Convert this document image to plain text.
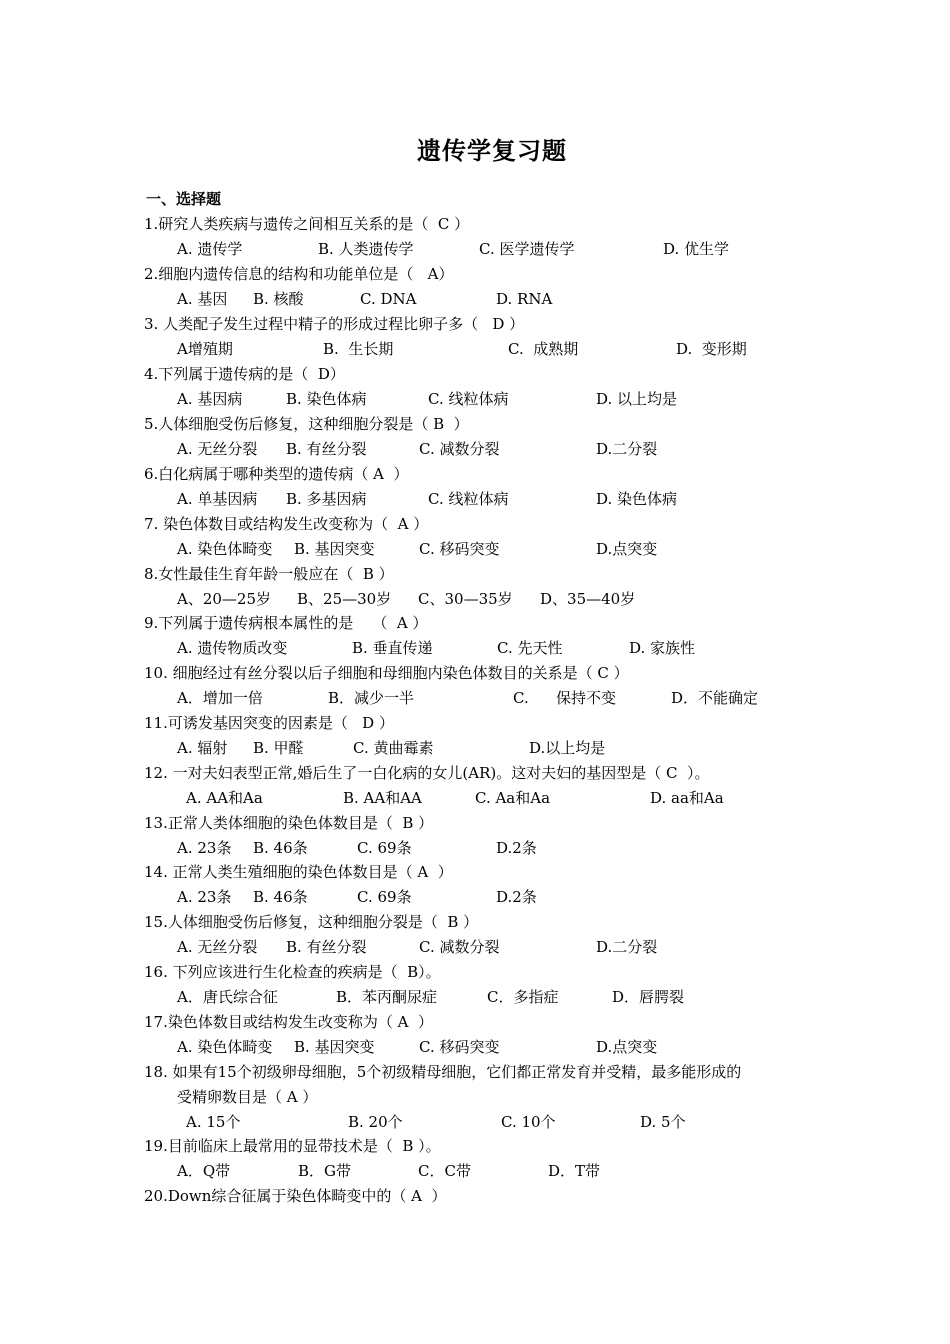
遗传学复习题
一、选择题
1.研究人类疾病与遗传之间相互关系的是（  C ）

A. 遗传学

	B. 人类遗传学

	C. 医学遗传学

	D. 优生学

2.细胞内遗传信息的结构和功能单位是（   A）

A. 基因

B. 核酸

	C. DNA

	D. RNA

3. 人类配子发生过程中精子的形成过程比卵子多（   D ）

A增殖期

	B.  生长期

	C.  成熟期

	D.  变形期

4.下列属于遗传病的是（  D）

A. 基因病

	B. 染色体病

	C. 线粒体病

	D. 以上均是

5.人体细胞受伤后修复，这种细胞分裂是（ B  ）

A. 无丝分裂

B. 有丝分裂

	C. 减数分裂

	D.二分裂

6.白化病属于哪种类型的遗传病（ A  ）

A. 单基因病

B. 多基因病

	C. 线粒体病

	D. 染色体病

7. 染色体数目或结构发生改变称为（  A ）

A. 染色体畸变

B. 基因突变

	C. 移码突变

	D.点突变

8.女性最佳生育年龄一般应在（  B ）

A、20—25岁

B、25—30岁

C、30—35岁

D、35—40岁

9.下列属于遗传病根本属性的是    （  A ）

A. 遗传物质改变

	B. 垂直传递

	C. 先天性

	D. 家族性

10. 细胞经过有丝分裂以后子细胞和母细胞内染色体数目的关系是（ C ）

A．增加一倍

	B．减少一半

	C.

保持不变

	D．不能确定

11.可诱发基因突变的因素是（   D ）

A. 辐射

B. 甲醛

	C. 黄曲霉素

	D.以上均是

12. 一对夫妇表型正常,婚后生了一白化病的女儿(AR)。这对夫妇的基因型是（ C  ）。

A. AA和Aa

	B. AA和AA

	C. Aa和Aa

	D. aa和Aa

13.正常人类体细胞的染色体数目是（  B ）

A. 23条

B. 46条

	C. 69条

	D.2条

14. 正常人类生殖细胞的染色体数目是（ A  ）

A. 23条

B. 46条

	C. 69条

	D.2条

15.人体细胞受伤后修复，这种细胞分裂是（  B ）

A. 无丝分裂

B. 有丝分裂

	C. 减数分裂

	D.二分裂

16. 下列应该进行生化检查的疾病是（  B）。

A．唐氏综合征

	B．苯丙酮尿症

	C．多指症

	D．唇腭裂

17.染色体数目或结构发生改变称为（ A  ）

A. 染色体畸变

B. 基因突变

	C. 移码突变

	D.点突变

18. 如果有15个初级卵母细胞，5个初级精母细胞，它们都正常发育并受精，最多能形成的
受精卵数目是（ A ）

A. 15个

	B. 20个

	C. 10个

	D. 5个

19.目前临床上最常用的显带技术是（  B ）。

A．Q带

	B．G带

	C．C带

	D．T带

20.Down综合征属于染色体畸变中的（ A  ）
